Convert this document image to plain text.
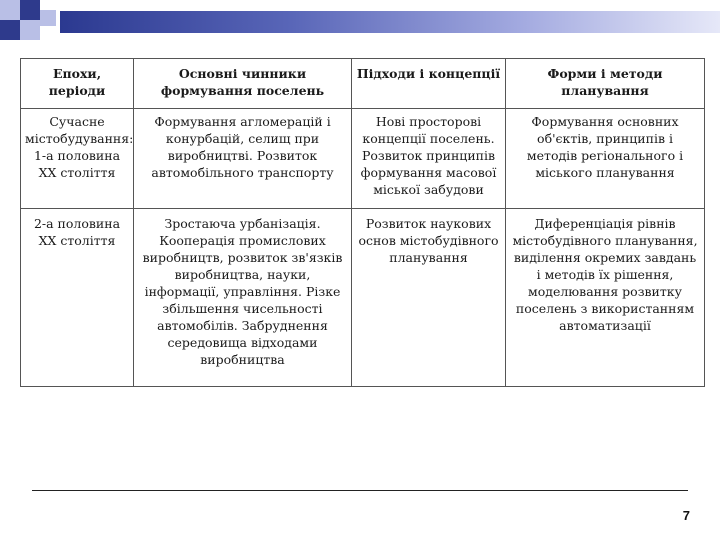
Епохи, періоди	Основні чинники формування поселень	Підходи і концепції	Форми і методи планування
Сучасне містобудування: 1-а половина XX століття	Формування агломерацій і конурбацій, селищ при виробництві. Розвиток автомобільного транспорту	Нові просторові концепції поселень. Розвиток принципів формування масової міської забудови	Формування основних об'єктів, принципів і методів регіонального і міського планування
2-а половина XX століття	Зростаюча урбанізація. Кооперація промислових виробництв, розвиток зв'язків виробництва, науки, інформації, управління. Різке збільшення чисельності автомобілів. Забруднення середовища відходами виробництва	Розвиток наукових основ містобудівного планування	Диференціація рівнів містобудівного планування, виділення окремих завдань і методів їх рішення, моделювання розвитку поселень з використанням автоматизації
7
